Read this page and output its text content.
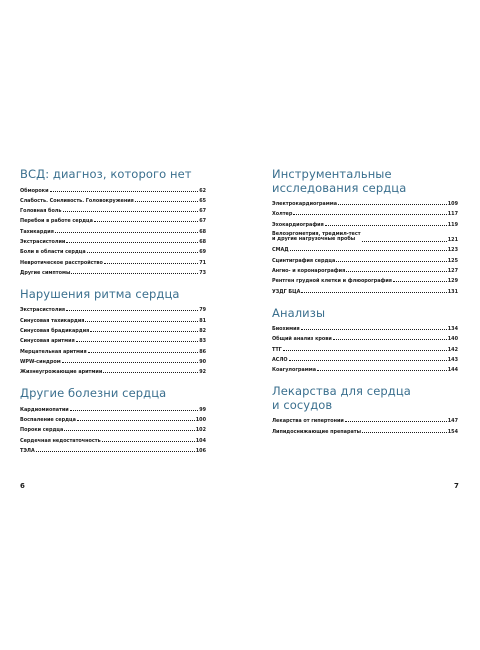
ВСД: диагноз, которого нет
Обмороки	62
Слабость. Сонливость. Головокружения	65
Головная боль	67
Перебои в работе сердца	67
Тахикардия	68
Экстрасистолии	68
Боли в области сердца	69
Невротическое расстройство	71
Другие симптомы	73
Нарушения ритма сердца
Экстрасистолия	79
Синусовая тахикардия	81
Синусовая брадикардия	82
Синусовая аритмия	83
Мерцательная аритмия	86
WPW-синдром	90
Жизнеугрожающие аритмии	92
Другие болезни сердца
Кардиомиопатии	99
Воспаление сердца	100
Пороки сердца	102
Сердечная недостаточность	104
ТЭЛА	106
6
Инструментальные
исследования сердца
Электрокардиограмма	109
Холтер	117
Эхокардиография	119
Велоэргометрия, тредмил-тест
и другие нагрузочные пробы	121
СМАД	123
Сцинтиграфия сердца	125
Ангио- и коронарография	127
Рентген грудной клетки и флюорография	129
УЗДГ БЦА	131
Анализы
Биохимия	134
Общий анализ крови	140
ТТГ	142
АСЛО	143
Коагулограмма	144
Лекарства для сердца
и сосудов
Лекарства от гипертонии	147
Липидоснижающие препараты	154
7
